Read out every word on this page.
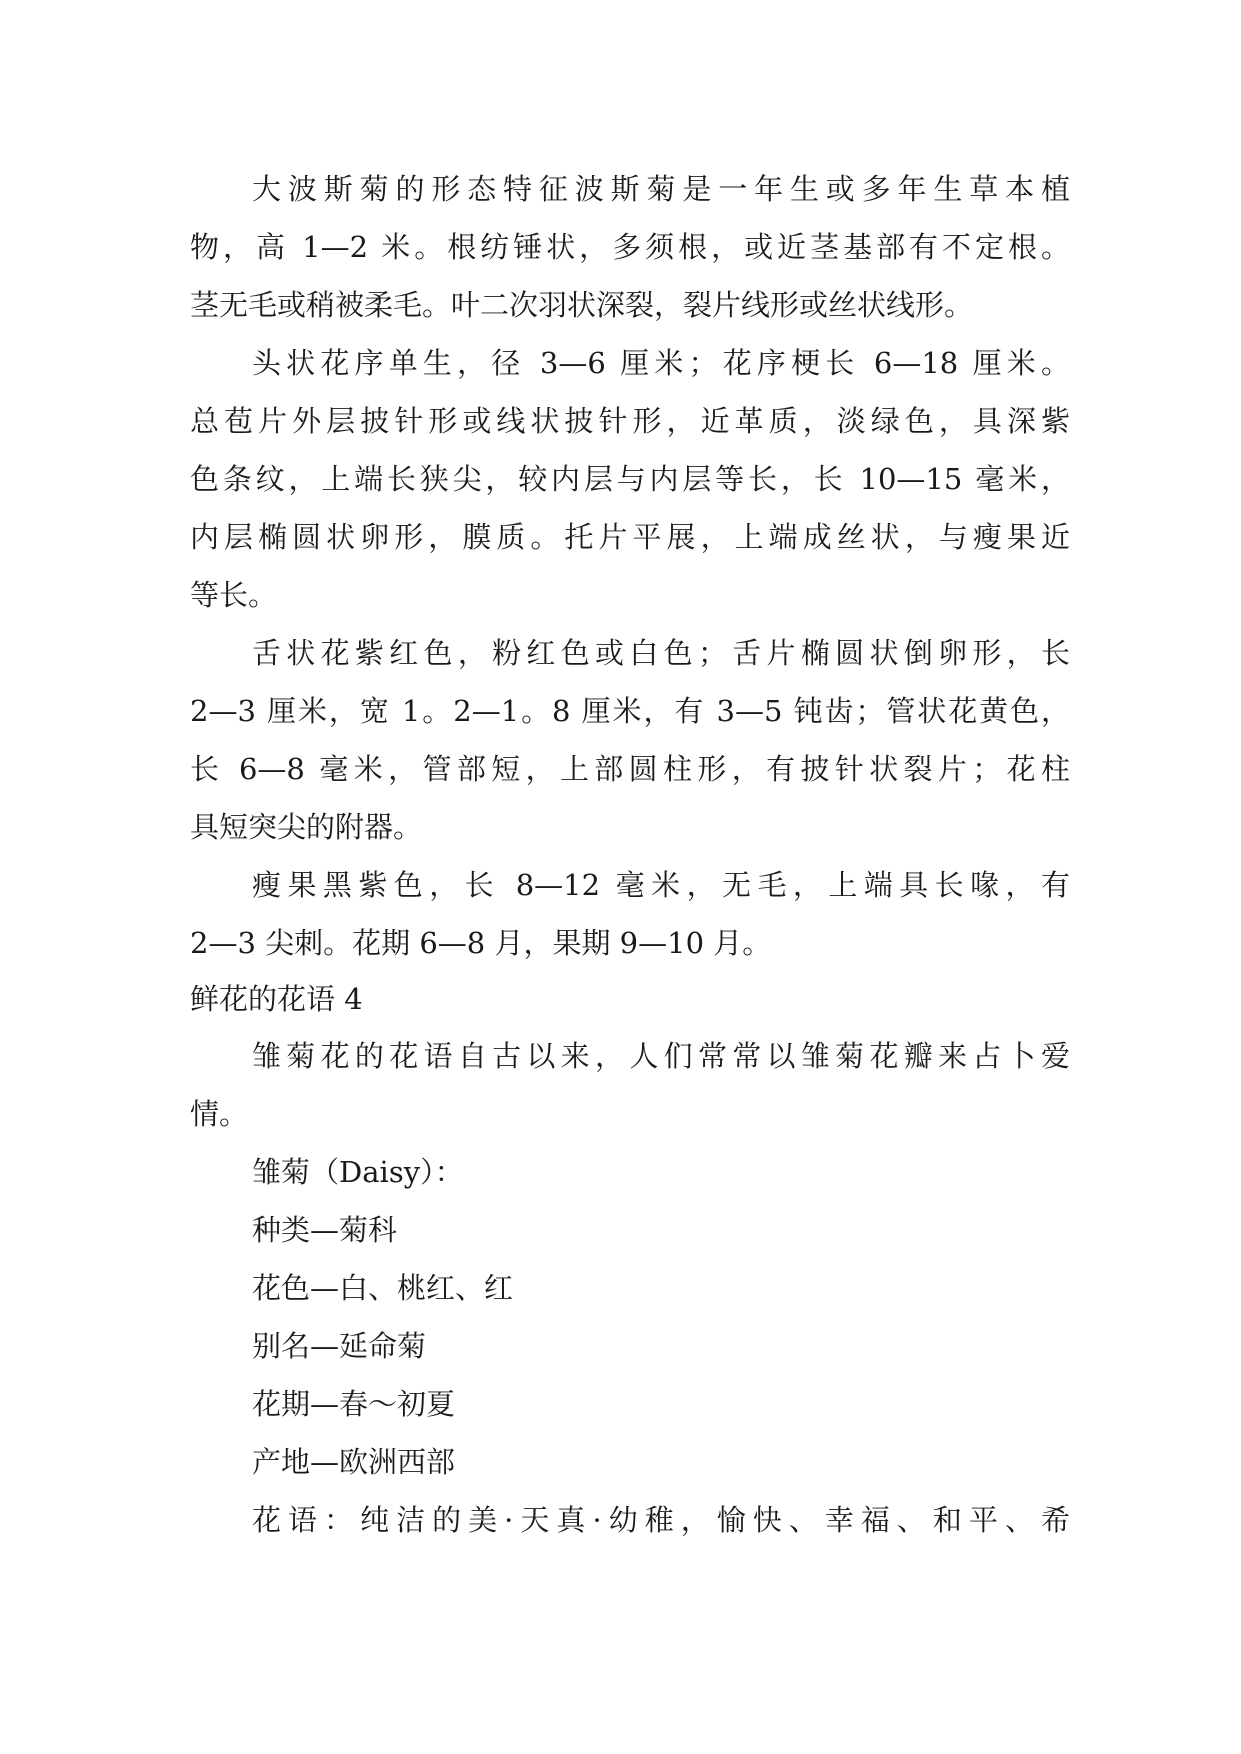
大波斯菊的形态特征波斯菊是一年生或多年生草本植
物，高 1—2 米。根纺锤状，多须根，或近茎基部有不定根。
茎无毛或稍被柔毛。叶二次羽状深裂，裂片线形或丝状线形。
头状花序单生，径 3—6 厘米；花序梗长 6—18 厘米。
总苞片外层披针形或线状披针形，近革质，淡绿色，具深紫
色条纹，上端长狭尖，较内层与内层等长，长 10—15 毫米，
内层椭圆状卵形，膜质。托片平展，上端成丝状，与瘦果近
等长。
舌状花紫红色，粉红色或白色；舌片椭圆状倒卵形，长
2—3 厘米，宽 1。2—1。8 厘米，有 3—5 钝齿；管状花黄色，
长 6—8 毫米，管部短，上部圆柱形，有披针状裂片；花柱
具短突尖的附器。
瘦果黑紫色，长 8—12 毫米，无毛，上端具长喙，有
2—3 尖刺。花期 6—8 月，果期 9—10 月。
鲜花的花语 4
雏菊花的花语自古以来，人们常常以雏菊花瓣来占卜爱
情。
雏菊（Daisy）：
种类—菊科
花色—白、桃红、红
别名—延命菊
花期—春～初夏
产地—欧洲西部
花语：纯洁的美·天真·幼稚，愉快、幸福、和平、希
